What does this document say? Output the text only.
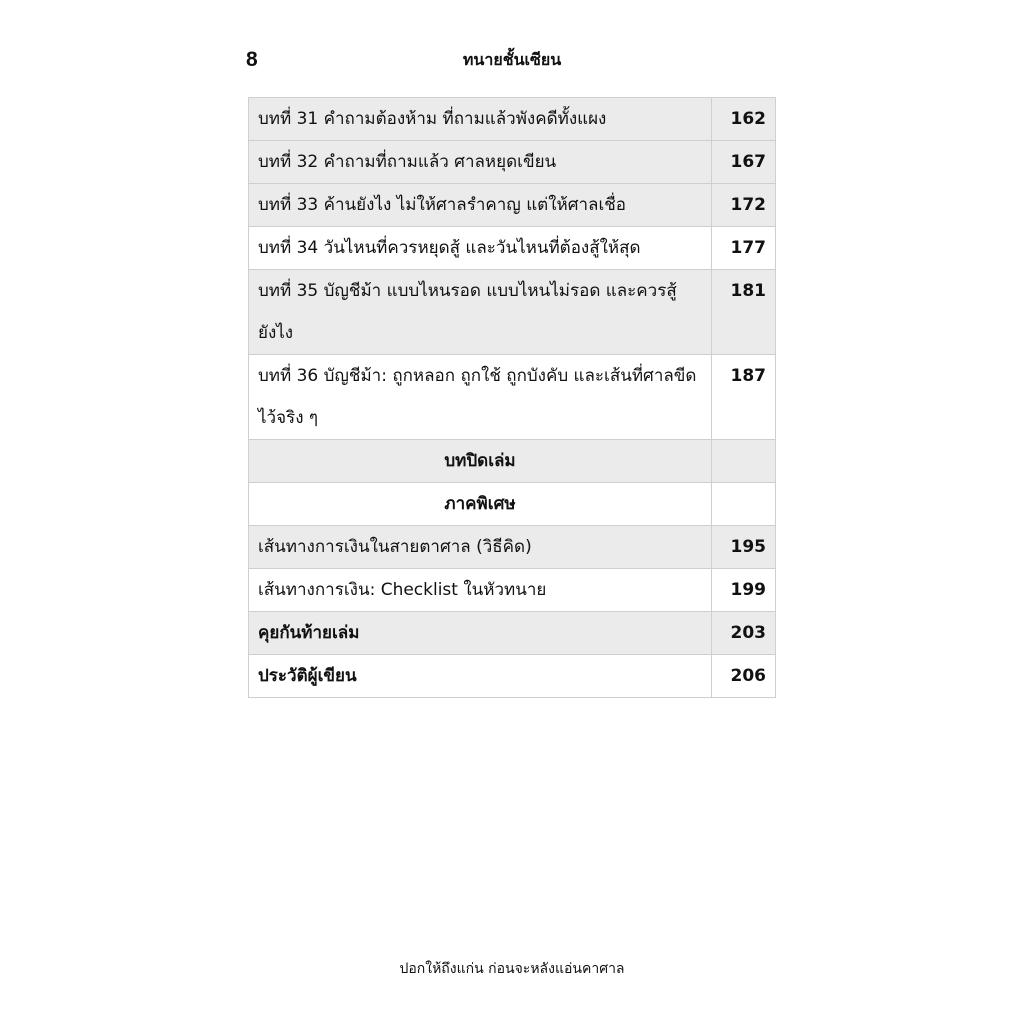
8	ทนายชั้นเซียน
บทที่ 31 คำถามต้องห้าม ที่ถามแล้วพังคดีทั้งแผง	162
บทที่ 32 คำถามที่ถามแล้ว ศาลหยุดเขียน	167
บทที่ 33 ค้านยังไง ไม่ให้ศาลรำคาญ แต่ให้ศาลเชื่อ	172
บทที่ 34 วันไหนที่ควรหยุดสู้ และวันไหนที่ต้องสู้ให้สุด	177

บทที่ 35 บัญชีม้า แบบไหนรอด แบบไหนไม่รอด และควรสู้
ยังไง	181

บทที่ 36 บัญชีม้า: ถูกหลอก ถูกใช้ ถูกบังคับ และเส้นที่ศาลขีด
ไว้จริง ๆ	187
บทปิดเล่ม	
ภาคพิเศษ	
เส้นทางการเงินในสายตาศาล (วิธีคิด)	195
เส้นทางการเงิน: Checklist ในหัวทนาย	199
คุยกันท้ายเล่ม	203
ประวัติผู้เขียน	206
ปอกให้ถึงแก่น ก่อนจะหลังแอ่นคาศาล
